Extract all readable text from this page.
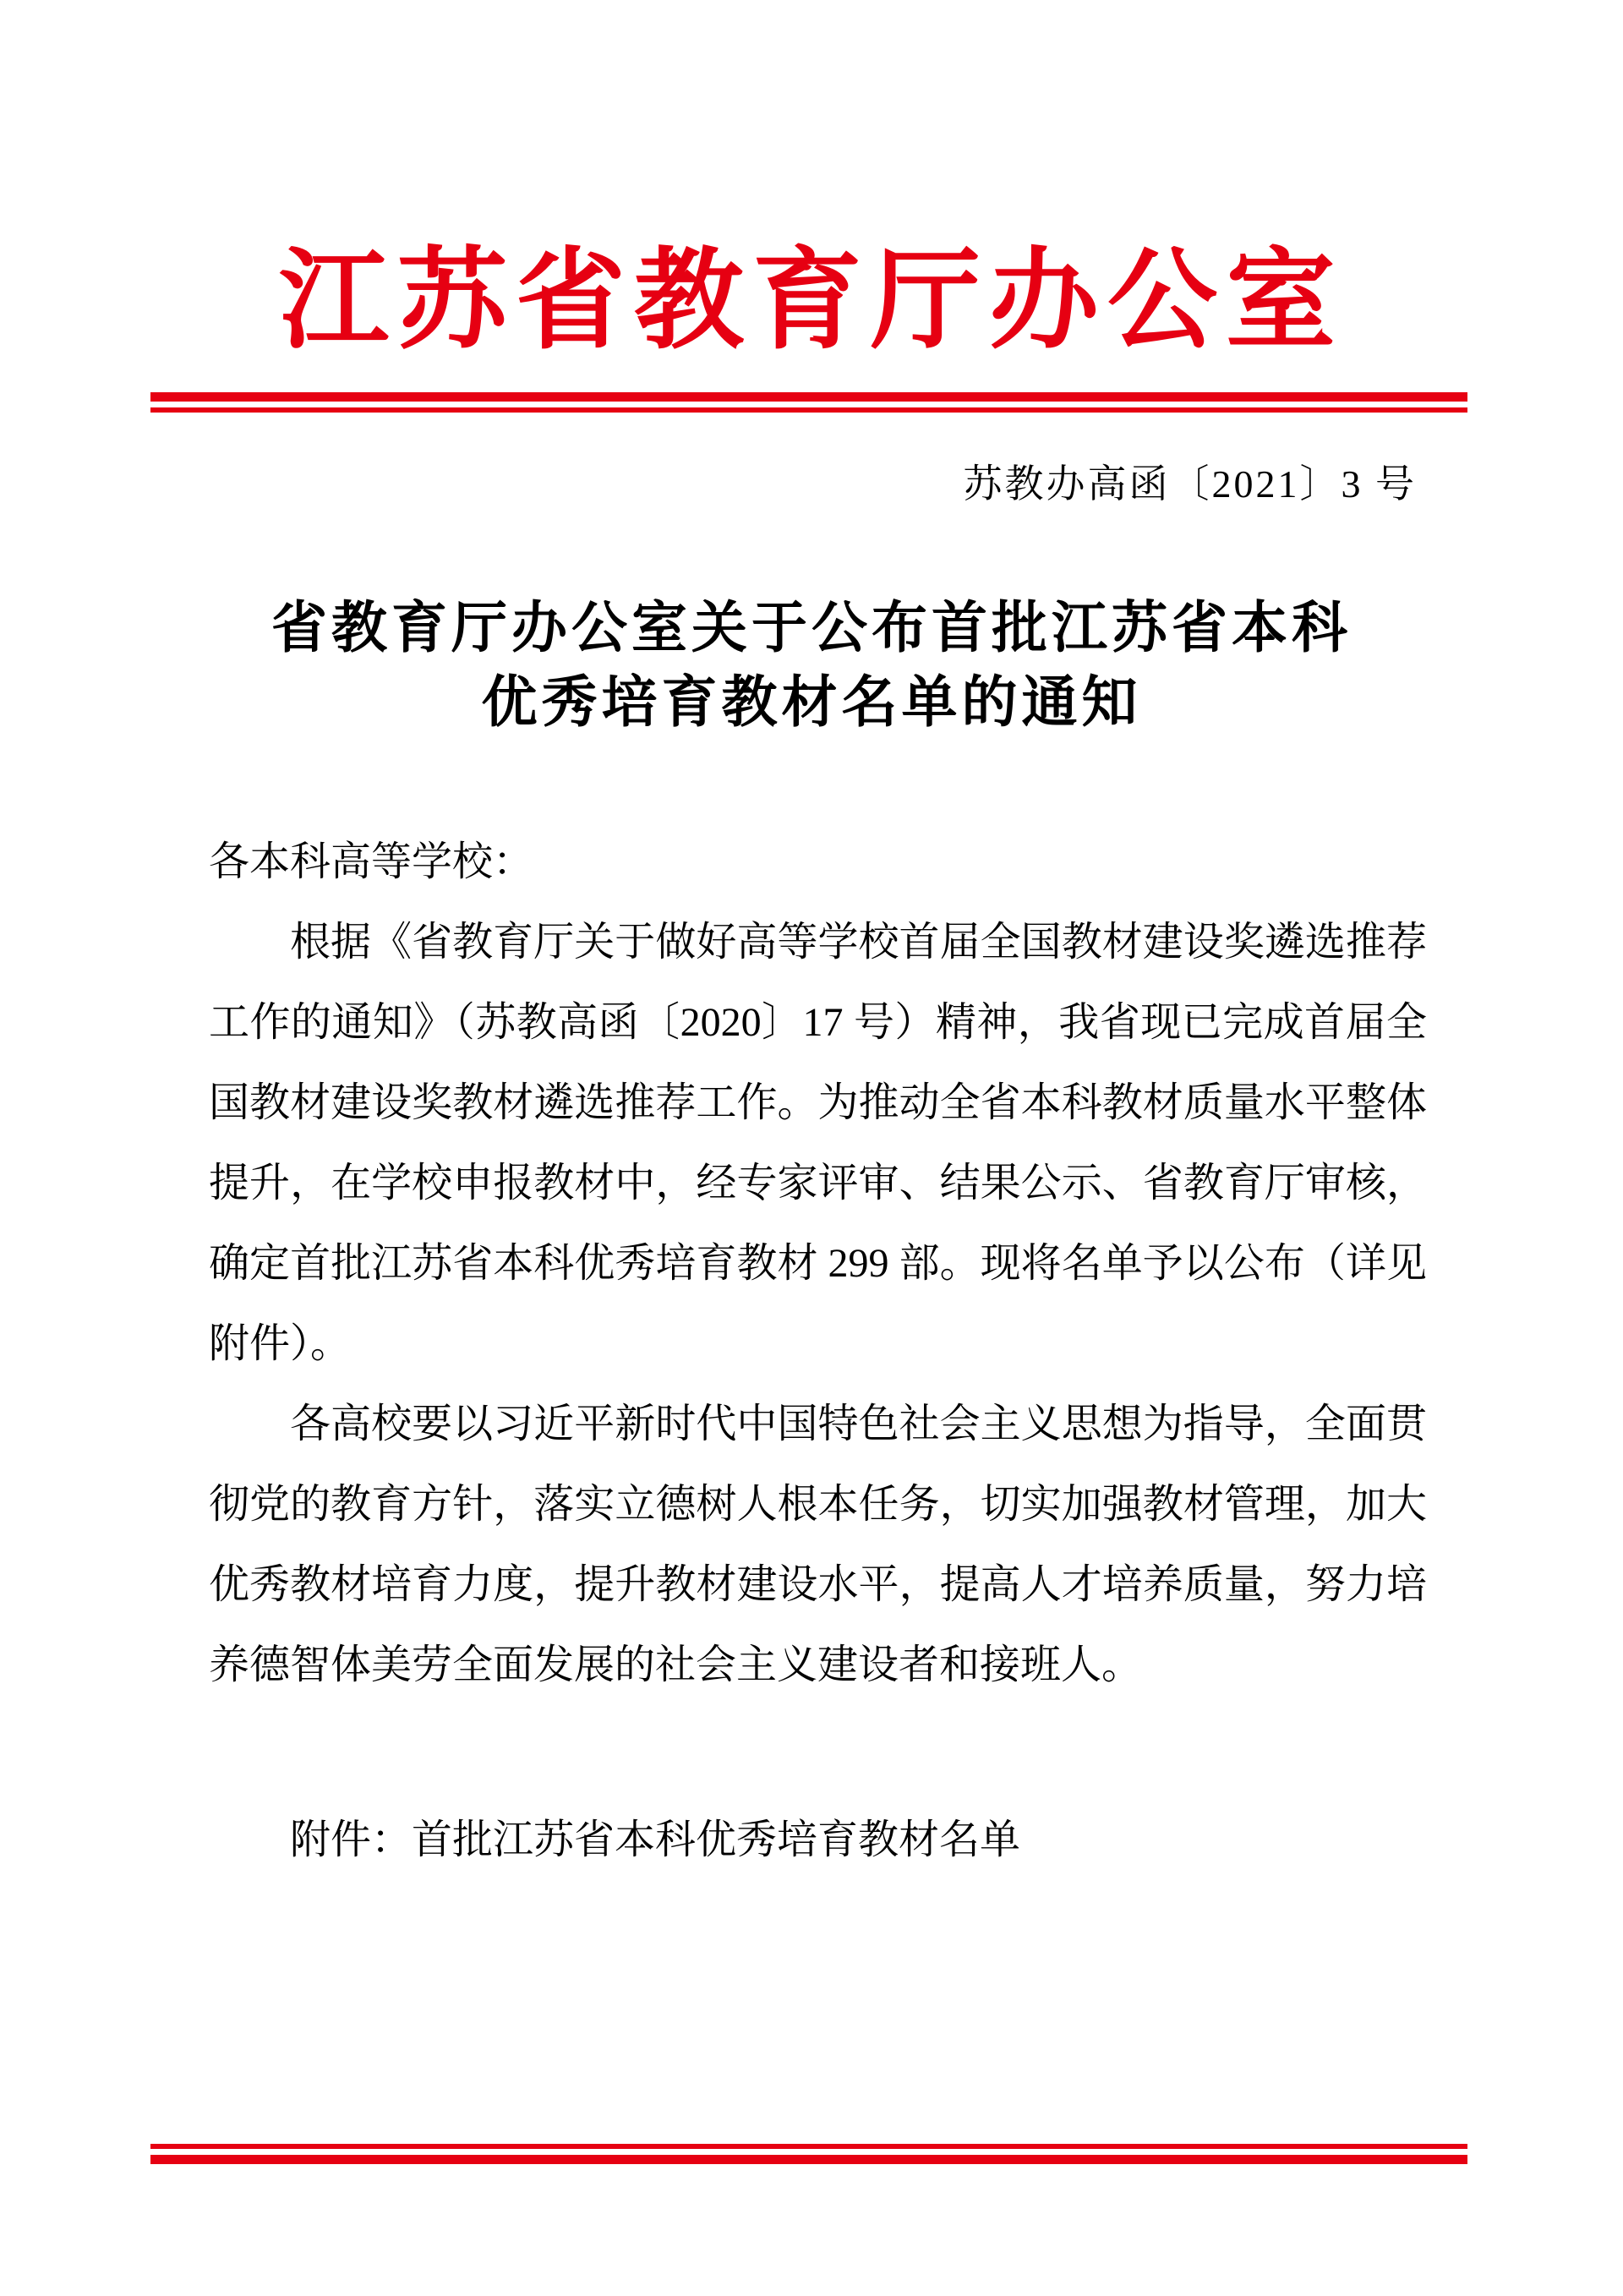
江苏省教育厅办公室
苏教办高函〔2021〕3 号
省教育厅办公室关于公布首批江苏省本科
优秀培育教材名单的通知

各本科高等学校：

根据《省教育厅关于做好高等学校首届全国教材建设奖遴选推荐工作的通知》（苏教高函〔2020〕17 号）精神，我省现已完成首届全国教材建设奖教材遴选推荐工作。为推动全省本科教材质量水平整体提升，在学校申报教材中，经专家评审、结果公示、省教育厅审核，确定首批江苏省本科优秀培育教材 299 部。现将名单予以公布（详见附件）。

各高校要以习近平新时代中国特色社会主义思想为指导，全面贯彻党的教育方针，落实立德树人根本任务，切实加强教材管理，加大优秀教材培育力度，提升教材建设水平，提高人才培养质量，努力培养德智体美劳全面发展的社会主义建设者和接班人。

附件：首批江苏省本科优秀培育教材名单
